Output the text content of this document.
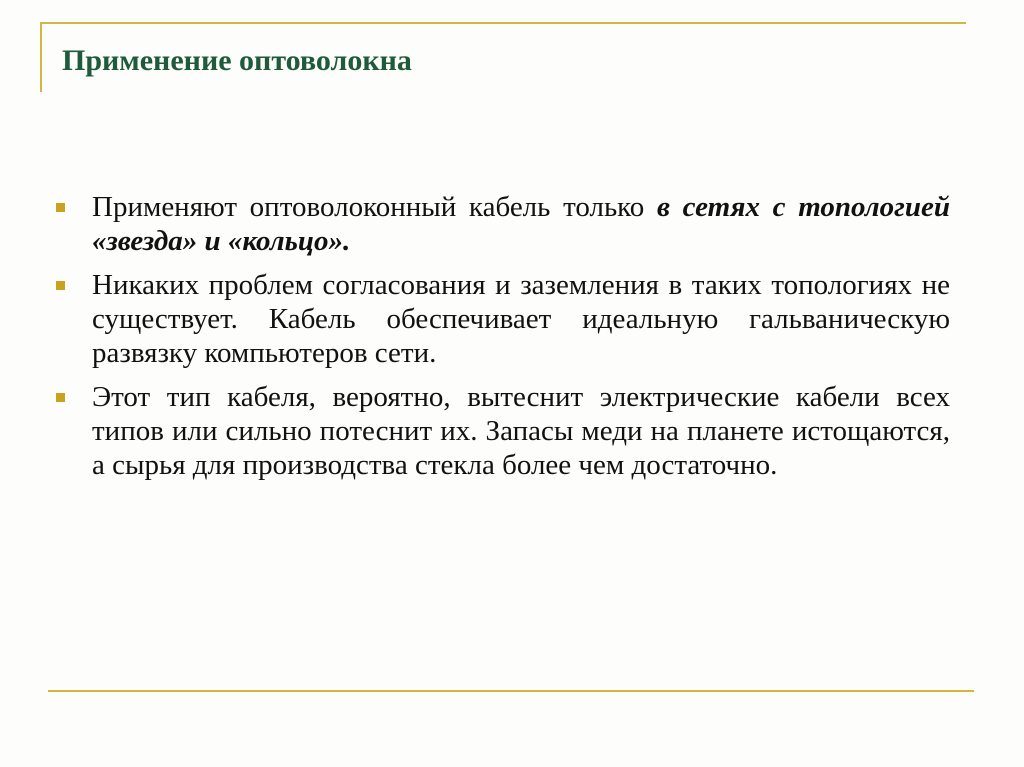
Применение оптоволокна
Применяют оптоволоконный кабель только в сетях с топологией «звезда» и «кольцо».
Никаких проблем согласования и заземления в таких топологиях не существует. Кабель обеспечивает идеальную гальваническую развязку компьютеров сети.
Этот тип кабеля, вероятно, вытеснит электрические кабели всех типов или сильно потеснит их. Запасы меди на планете истощаются, а сырья для производства стекла более чем достаточно.
